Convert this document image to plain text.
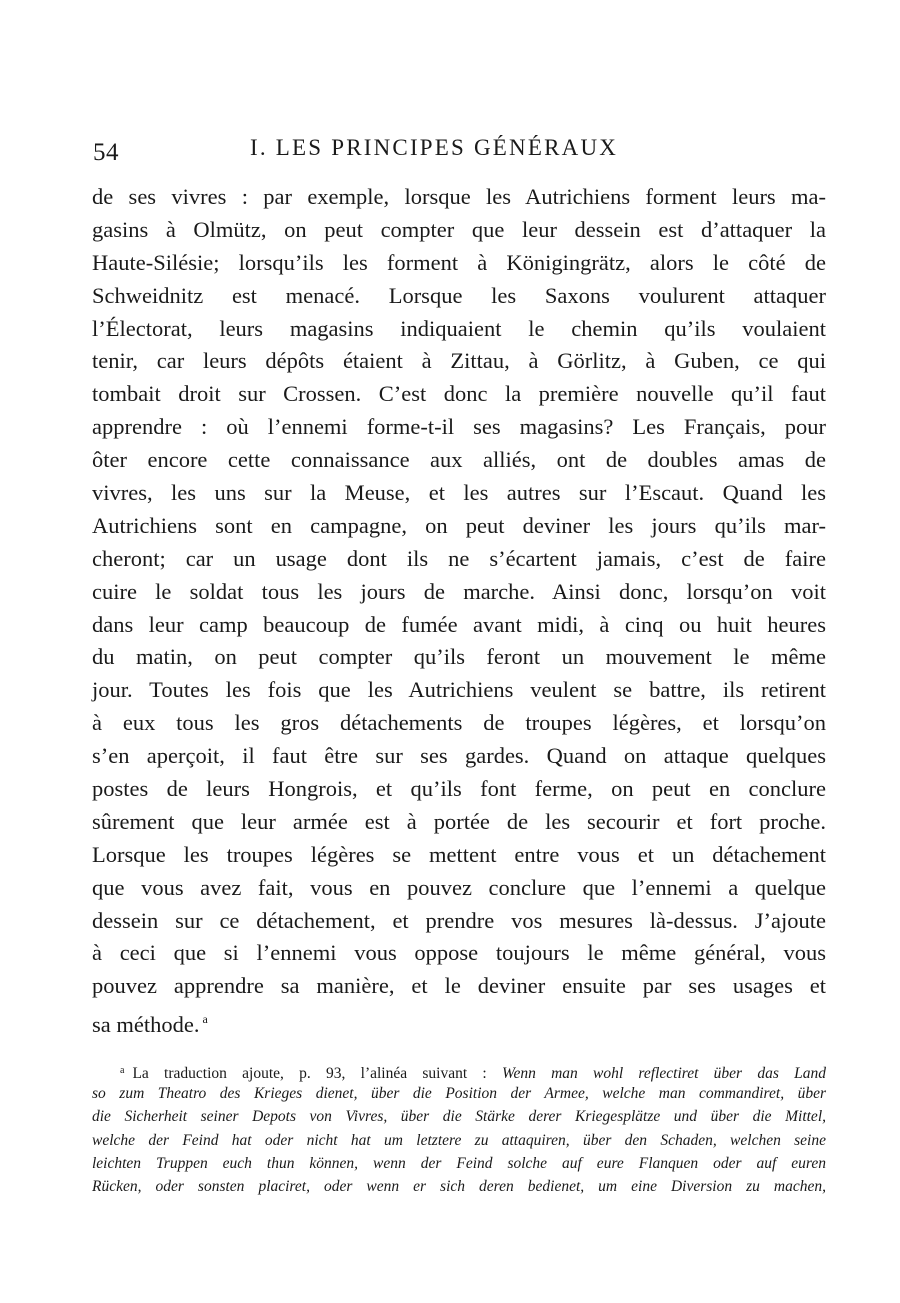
54	I. LES PRINCIPES GÉNÉRAUX
de ses vivres : par exemple, lorsque les Autrichiens forment leurs ma-
gasins à Olmütz, on peut compter que leur dessein est d’attaquer la
Haute-Silésie; lorsqu’ils les forment à Königingrätz, alors le côté de
Schweidnitz est menacé. Lorsque les Saxons voulurent attaquer
l’Électorat, leurs magasins indiquaient le chemin qu’ils voulaient
tenir, car leurs dépôts étaient à Zittau, à Görlitz, à Guben, ce qui
tombait droit sur Crossen. C’est donc la première nouvelle qu’il faut
apprendre : où l’ennemi forme-t-il ses magasins? Les Français, pour
ôter encore cette connaissance aux alliés, ont de doubles amas de
vivres, les uns sur la Meuse, et les autres sur l’Escaut. Quand les
Autrichiens sont en campagne, on peut deviner les jours qu’ils mar-
cheront; car un usage dont ils ne s’écartent jamais, c’est de faire
cuire le soldat tous les jours de marche. Ainsi donc, lorsqu’on voit
dans leur camp beaucoup de fumée avant midi, à cinq ou huit heures
du matin, on peut compter qu’ils feront un mouvement le même
jour. Toutes les fois que les Autrichiens veulent se battre, ils retirent
à eux tous les gros détachements de troupes légères, et lorsqu’on
s’en aperçoit, il faut être sur ses gardes. Quand on attaque quelques
postes de leurs Hongrois, et qu’ils font ferme, on peut en conclure
sûrement que leur armée est à portée de les secourir et fort proche.
Lorsque les troupes légères se mettent entre vous et un détachement
que vous avez fait, vous en pouvez conclure que l’ennemi a quelque
dessein sur ce détachement, et prendre vos mesures là-dessus. J’ajoute
à ceci que si l’ennemi vous oppose toujours le même général, vous
pouvez apprendre sa manière, et le deviner ensuite par ses usages et
sa méthode. $^a$
$^a$ La traduction ajoute, p. 93, l’alinéa suivant : Wenn man wohl reflectiret über das Land
so zum Theatro des Krieges dienet, über die Position der Armee, welche man commandiret, über
die Sicherheit seiner Depots von Vivres, über die Stärke derer Kriegesplätze und über die Mittel,
welche der Feind hat oder nicht hat um letztere zu attaquiren, über den Schaden, welchen seine
leichten Truppen euch thun können, wenn der Feind solche auf eure Flanquen oder auf euren
Rücken, oder sonsten placiret, oder wenn er sich deren bedienet, um eine Diversion zu machen,
